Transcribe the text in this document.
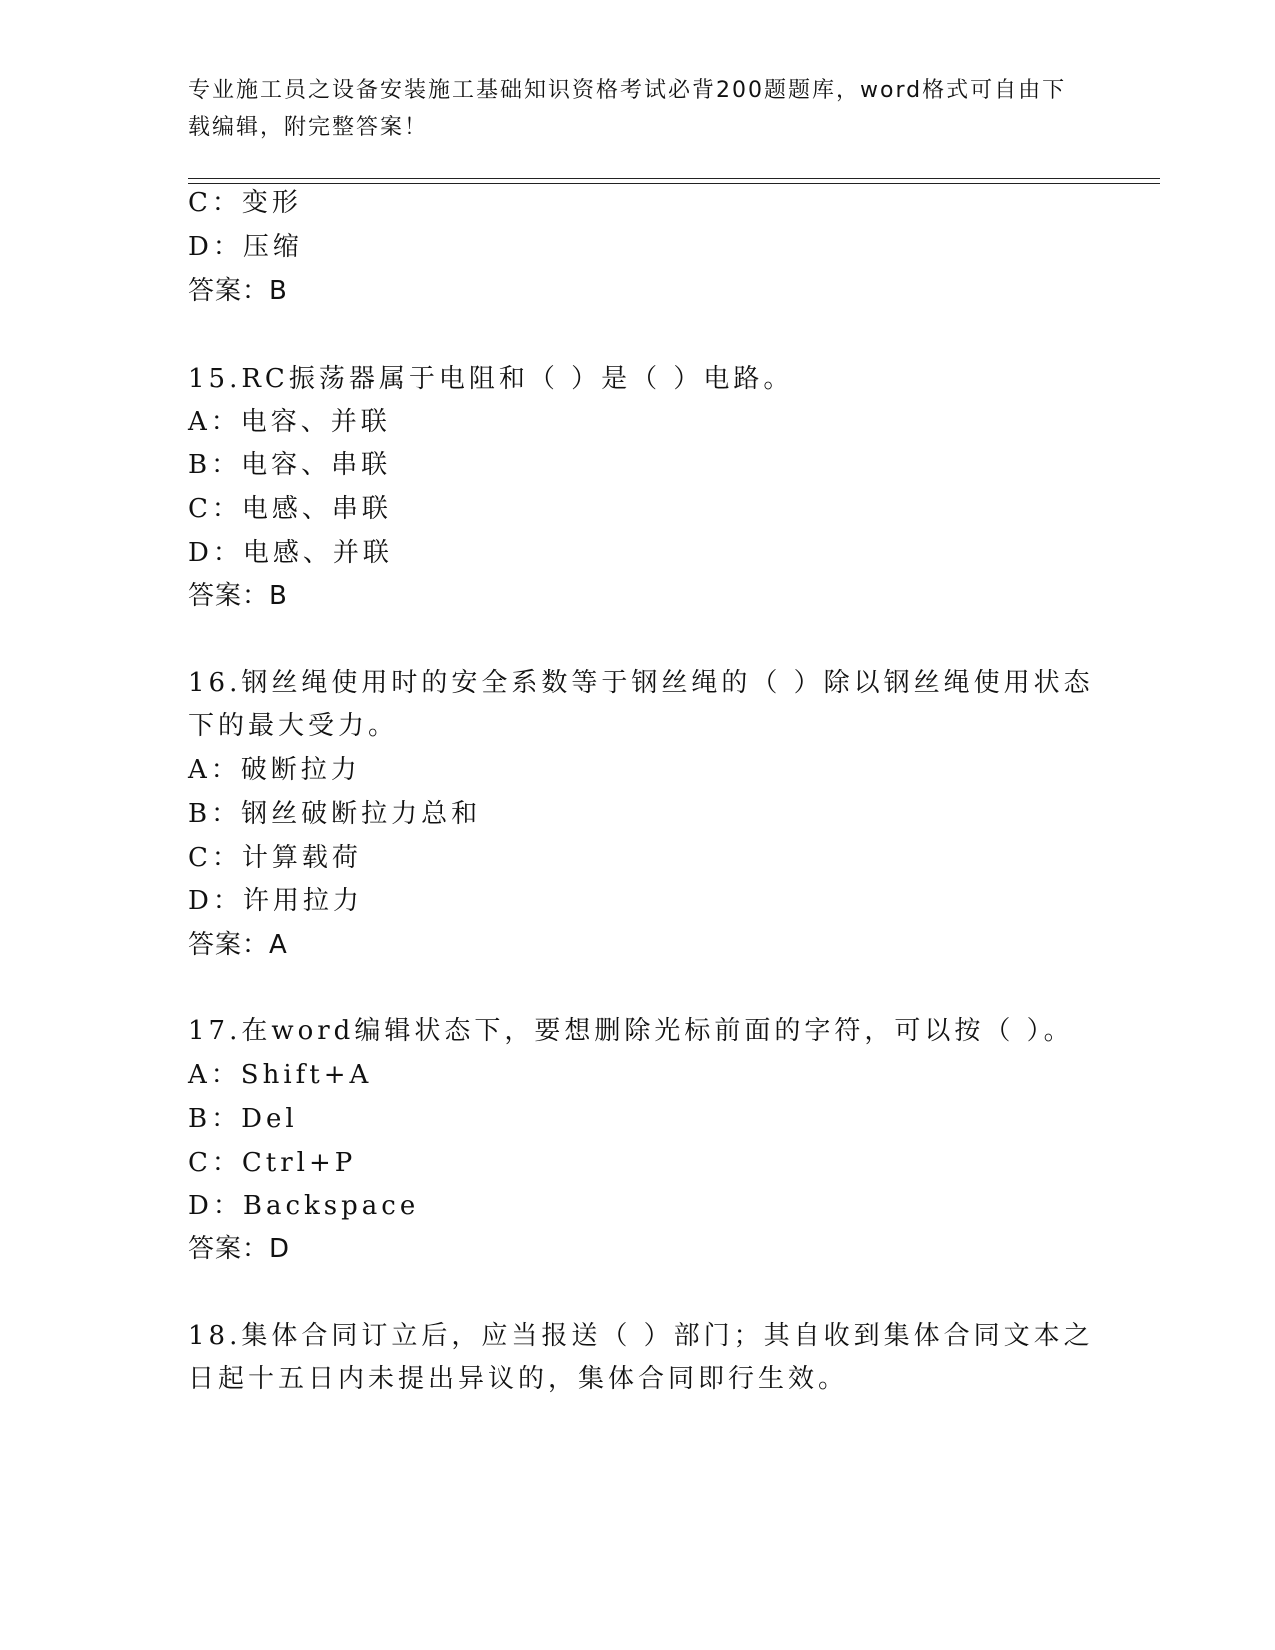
专业施工员之设备安装施工基础知识资格考试必背200题题库，word格式可自由下载编辑，附完整答案！
C：变形
D：压缩
答案：B
15.RC振荡器属于电阻和（ ）是（ ）电路。
A：电容、并联
B：电容、串联
C：电感、串联
D：电感、并联
答案：B
16.钢丝绳使用时的安全系数等于钢丝绳的（ ）除以钢丝绳使用状态
下的最大受力。
A：破断拉力
B：钢丝破断拉力总和
C：计算载荷
D：许用拉力
答案：A
17.在word编辑状态下，要想删除光标前面的字符，可以按（ ）。
A：Shift+A
B：Del
C：Ctrl+P
D：Backspace
答案：D
18.集体合同订立后，应当报送（ ）部门；其自收到集体合同文本之
日起十五日内未提出异议的，集体合同即行生效。
